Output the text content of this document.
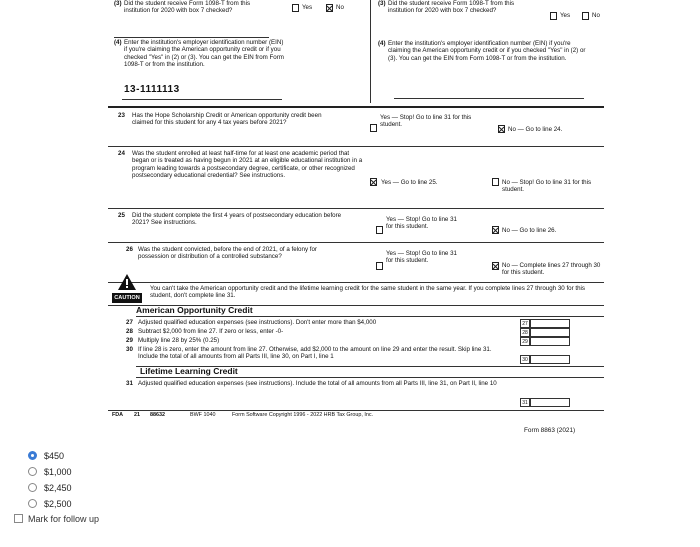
(3) Did the student receive Form 1098-T from this institution for 2020 with box 7 checked?	Yes	No
(4) Enter the institution's employer identification number (EIN) if you're claiming the American opportunity credit or if you checked "Yes" in (2) or (3). You can get the EIN from Form 1098-T or from the institution.
13-1111113
(3) Did the student receive Form 1098-T from this institution for 2020 with box 7 checked?
Yes	No
(4) Enter the institution's employer identification number (EIN) if you're claiming the American opportunity credit or if you checked "Yes" in (2) or (3). You can get the EIN from Form 1098-T or from the institution.
23 Has the Hope Scholarship Credit or American opportunity credit been claimed for this student for any 4 tax years before 2021?
Yes — Stop! Go to line 31 for this student.
No — Go to line 24.
24 Was the student enrolled at least half-time for at least one academic period that began or is treated as having begun in 2021 at an eligible educational institution in a program leading towards a postsecondary degree, certificate, or other recognized postsecondary educational credential? See instructions.
Yes — Go to line 25.	No — Stop! Go to line 31 for this student.
25 Did the student complete the first 4 years of postsecondary education before 2021? See instructions.	Yes — Stop! Go to line 31 for this student.
No — Go to line 26.
26 Was the student convicted, before the end of 2021, of a felony for possession or distribution of a controlled substance?	Yes — Stop! Go to line 31 for this student.
No — Complete lines 27 through 30 for this student.
CAUTION
You can't take the American opportunity credit and the lifetime learning credit for the same student in the same year. If you complete lines 27 through 30 for this student, don't complete line 31.
American Opportunity Credit
27 Adjusted qualified education expenses (see instructions). Don't enter more than $4,000	27
28 Subtract $2,000 from line 27. If zero or less, enter -0-	28
29 Multiply line 28 by 25% (0.25)	29
30 If line 28 is zero, enter the amount from line 27. Otherwise, add $2,000 to the amount on line 29 and enter the result. Skip line 31. Include the total of all amounts from all Parts III, line 30, on Part I, line 1	30
Lifetime Learning Credit
31 Adjusted qualified education expenses (see instructions). Include the total of all amounts from all Parts III, line 31, on Part II, line 10
31
FDA 21 88632	BWF 1040	Form Software Copyright 1996 - 2022 HRB Tax Group, Inc.
Form 8863 (2021)
$450
$1,000
$2,450
$2,500
Mark for follow up
